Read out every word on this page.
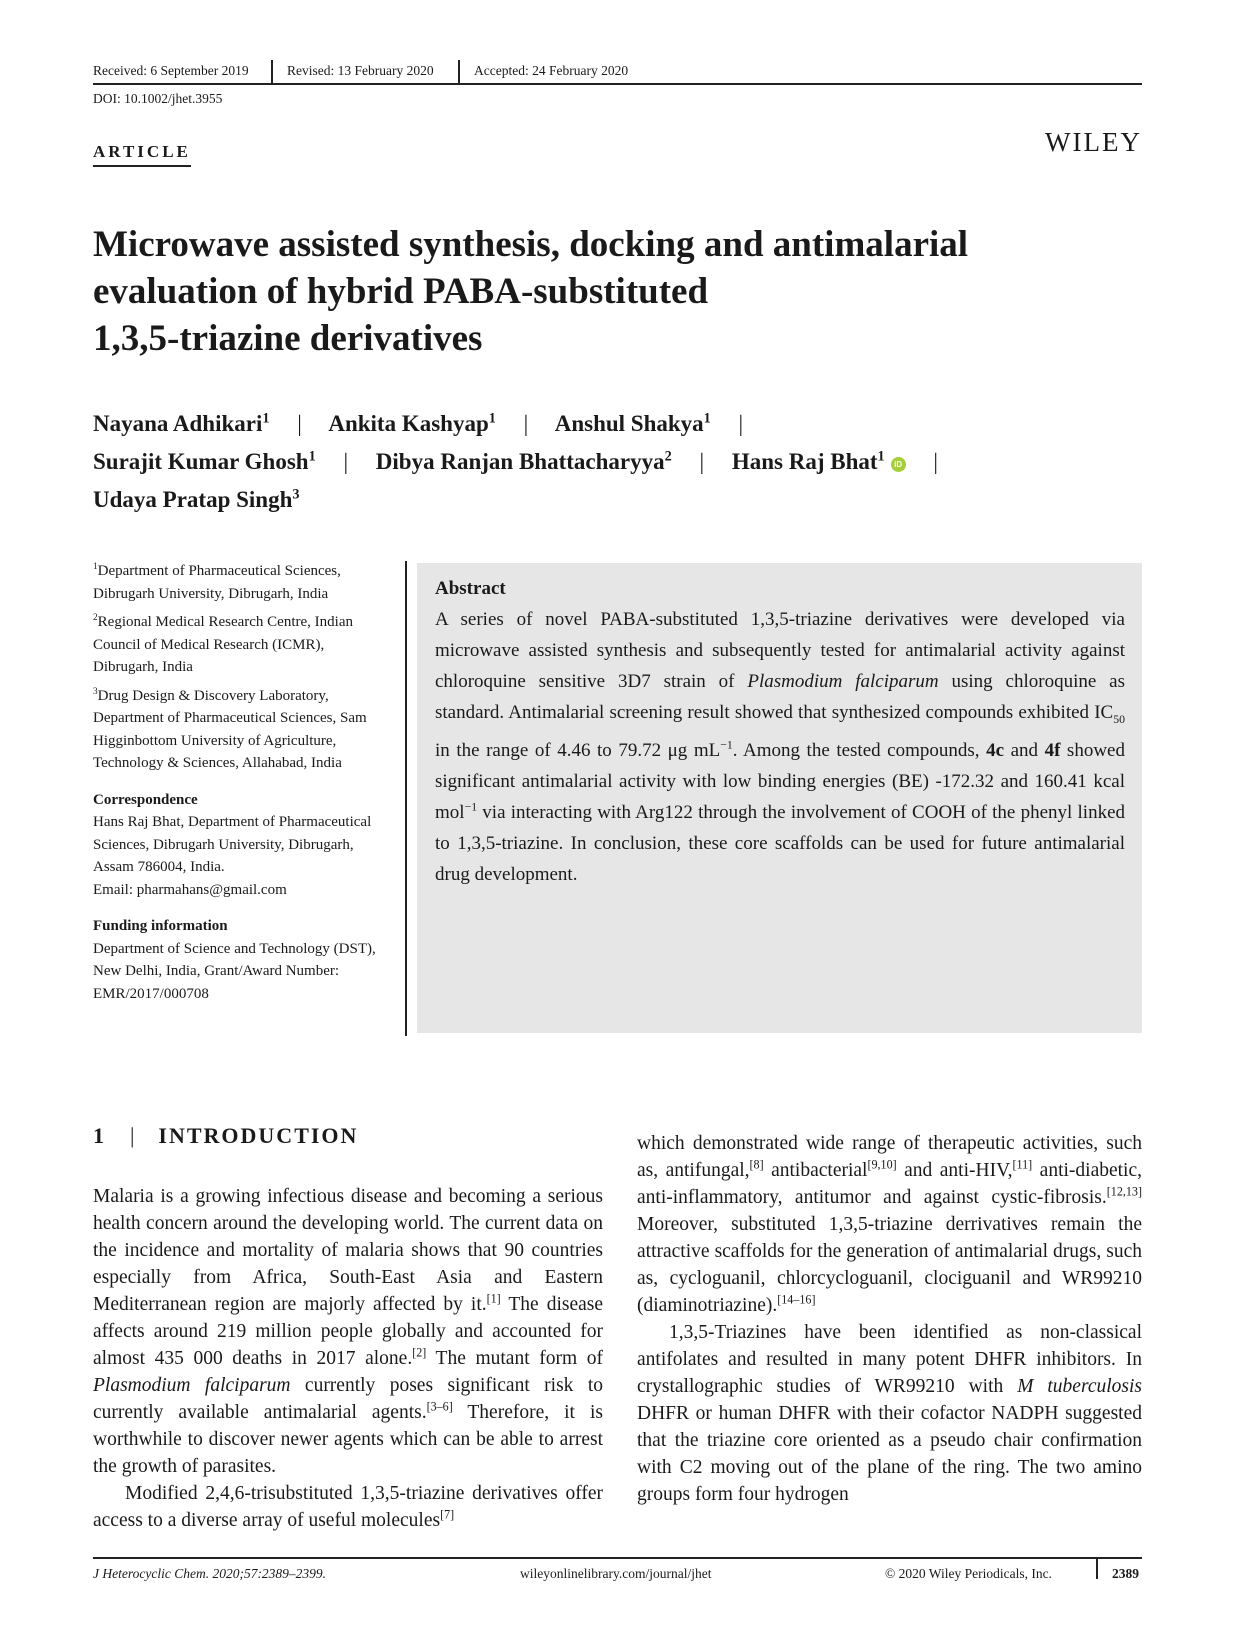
Received: 6 September 2019	Revised: 13 February 2020	Accepted: 24 February 2020
DOI: 10.1002/jhet.3955
ARTICLE	WILEY
Microwave assisted synthesis, docking and antimalarial
evaluation of hybrid PABA-substituted
1,3,5-triazine derivatives
Nayana Adhikari$^1$ | Ankita Kashyap$^1$ | Anshul Shakya$^1$ |
Surajit Kumar Ghosh$^1$ | Dibya Ranjan Bhattacharyya$^2$ | Hans Raj Bhat$^1$iD |
Udaya Pratap Singh$^3$
$^1$Department of Pharmaceutical Sciences, Dibrugarh University, Dibrugarh, India
$^2$Regional Medical Research Centre, Indian Council of Medical Research (ICMR), Dibrugarh, India
$^3$Drug Design & Discovery Laboratory, Department of Pharmaceutical Sciences, Sam Higginbottom University of Agriculture, Technology & Sciences, Allahabad, India
Correspondence
Hans Raj Bhat, Department of Pharmaceutical Sciences, Dibrugarh University, Dibrugarh, Assam 786004, India.
Email: pharmahans@gmail.com
Funding information
Department of Science and Technology (DST), New Delhi, India, Grant/Award Number: EMR/2017/000708
Abstract
A series of novel PABA-substituted 1,3,5-triazine derivatives were developed via microwave assisted synthesis and subsequently tested for antimalarial activity against chloroquine sensitive 3D7 strain of Plasmodium falciparum using chloroquine as standard. Antimalarial screening result showed that synthesized compounds exhibited $IC_{50}$ in the range of 4.46 to 79.72 μg $mL^{-1}$. Among the tested compounds, 4c and 4f showed significant antimalarial activity with low binding energies (BE) -172.32 and 160.41 kcal mol$^{-1}$ via interacting with Arg122 through the involvement of COOH of the phenyl linked to 1,3,5-triazine. In conclusion, these core scaffolds can be used for future antimalarial drug development.
1 | INTRODUCTION

Malaria is a growing infectious disease and becoming a serious health concern around the developing world. The current data on the incidence and mortality of malaria shows that 90 countries especially from Africa, South-East Asia and Eastern Mediterranean region are majorly affected by it.[1] The disease affects around 219 million people globally and accounted for almost 435 000 deaths in 2017 alone.[2] The mutant form of Plasmodium falciparum currently poses significant risk to currently available antimalarial agents.[3–6] Therefore, it is worthwhile to discover newer agents which can be able to arrest the growth of parasites.

Modified 2,4,6-trisubstituted 1,3,5-triazine derivatives offer access to a diverse array of useful molecules[7]

which demonstrated wide range of therapeutic activities, such as, antifungal,[8] antibacterial[9,10] and anti-HIV,[11] anti-diabetic, anti-inflammatory, antitumor and against cystic-fibrosis.[12,13] Moreover, substituted 1,3,5-triazine derrivatives remain the attractive scaffolds for the generation of antimalarial drugs, such as, cycloguanil, chlorcycloguanil, clociguanil and WR99210 (diaminotriazine).[14–16]

1,3,5-Triazines have been identified as non-classical antifolates and resulted in many potent DHFR inhibitors. In crystallographic studies of WR99210 with M tuberculosis DHFR or human DHFR with their cofactor NADPH suggested that the triazine core oriented as a pseudo chair confirmation with C2 moving out of the plane of the ring. The two amino groups form four hydrogen

J Heterocyclic Chem. 2020;57:2389–2399.	wileyonlinelibrary.com/journal/jhet	© 2020 Wiley Periodicals, Inc.	2389
